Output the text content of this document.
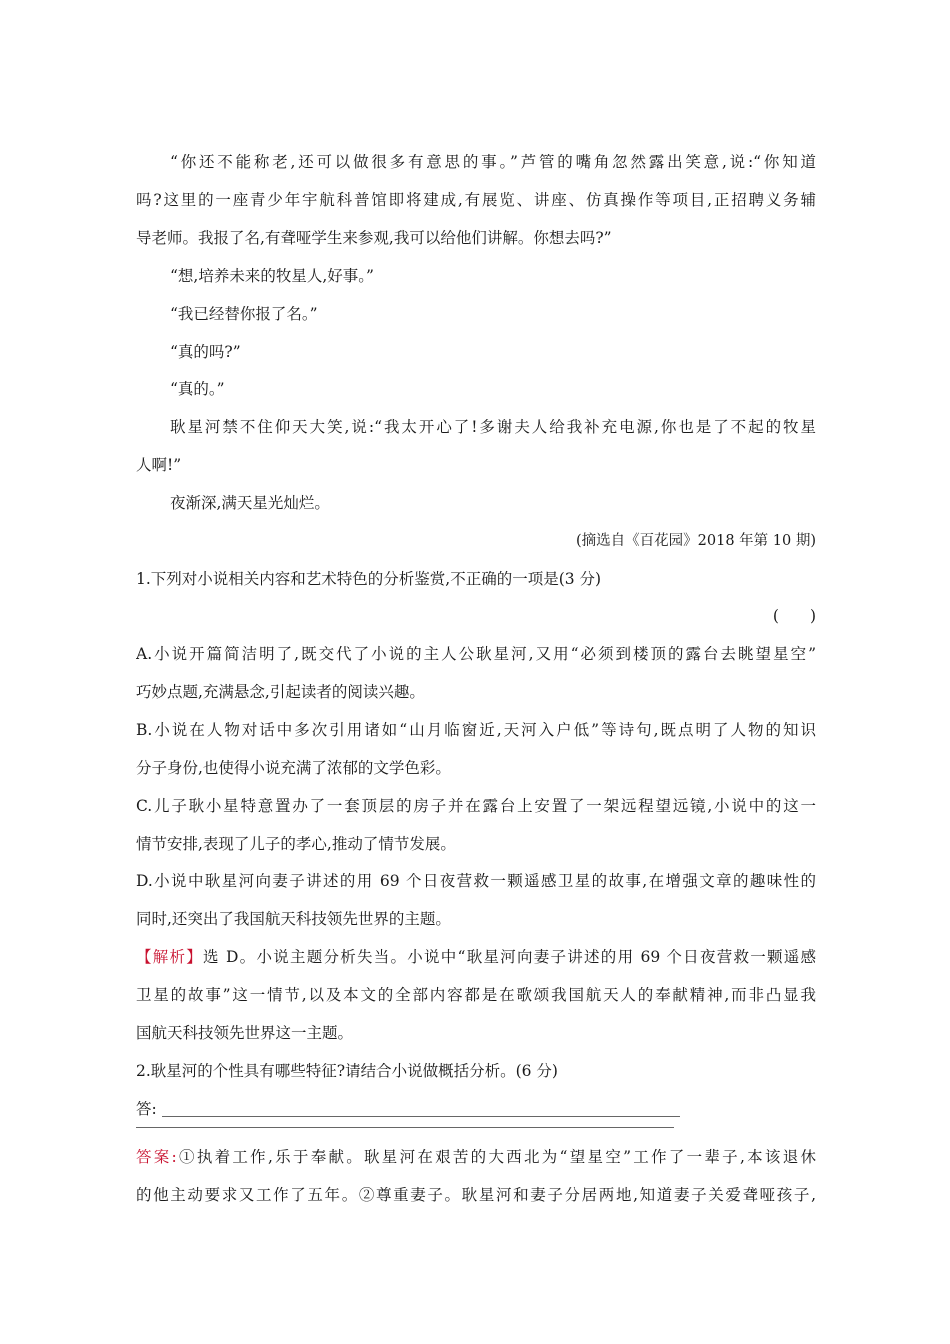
“你还不能称老,还可以做很多有意思的事。”芦管的嘴角忽然露出笑意,说:“你知道
吗?这里的一座青少年宇航科普馆即将建成,有展览、讲座、仿真操作等项目,正招聘义务辅
导老师。我报了名,有聋哑学生来参观,我可以给他们讲解。你想去吗?”
“想,培养未来的牧星人,好事。”
“我已经替你报了名。”
“真的吗?”
“真的。”
耿星河禁不住仰天大笑,说:“我太开心了!多谢夫人给我补充电源,你也是了不起的牧星
人啊!”
夜渐深,满天星光灿烂。
(摘选自《百花园》2018 年第 10 期)
1.下列对小说相关内容和艺术特色的分析鉴赏,不正确的一项是(3 分)
(　　)
A.小说开篇简洁明了,既交代了小说的主人公耿星河,又用“必须到楼顶的露台去眺望星空”
巧妙点题,充满悬念,引起读者的阅读兴趣。
B.小说在人物对话中多次引用诸如“山月临窗近,天河入户低”等诗句,既点明了人物的知识
分子身份,也使得小说充满了浓郁的文学色彩。
C.儿子耿小星特意置办了一套顶层的房子并在露台上安置了一架远程望远镜,小说中的这一
情节安排,表现了儿子的孝心,推动了情节发展。
D.小说中耿星河向妻子讲述的用 69 个日夜营救一颗遥感卫星的故事,在增强文章的趣味性的
同时,还突出了我国航天科技领先世界的主题。
【解析】选 D。小说主题分析失当。小说中“耿星河向妻子讲述的用 69 个日夜营救一颗遥感
卫星的故事”这一情节,以及本文的全部内容都是在歌颂我国航天人的奉献精神,而非凸显我
国航天科技领先世界这一主题。
2.耿星河的个性具有哪些特征?请结合小说做概括分析。(6 分)
答:
答案:①执着工作,乐于奉献。耿星河在艰苦的大西北为“望星空”工作了一辈子,本该退休
的他主动要求又工作了五年。②尊重妻子。耿星河和妻子分居两地,知道妻子关爱聋哑孩子,
